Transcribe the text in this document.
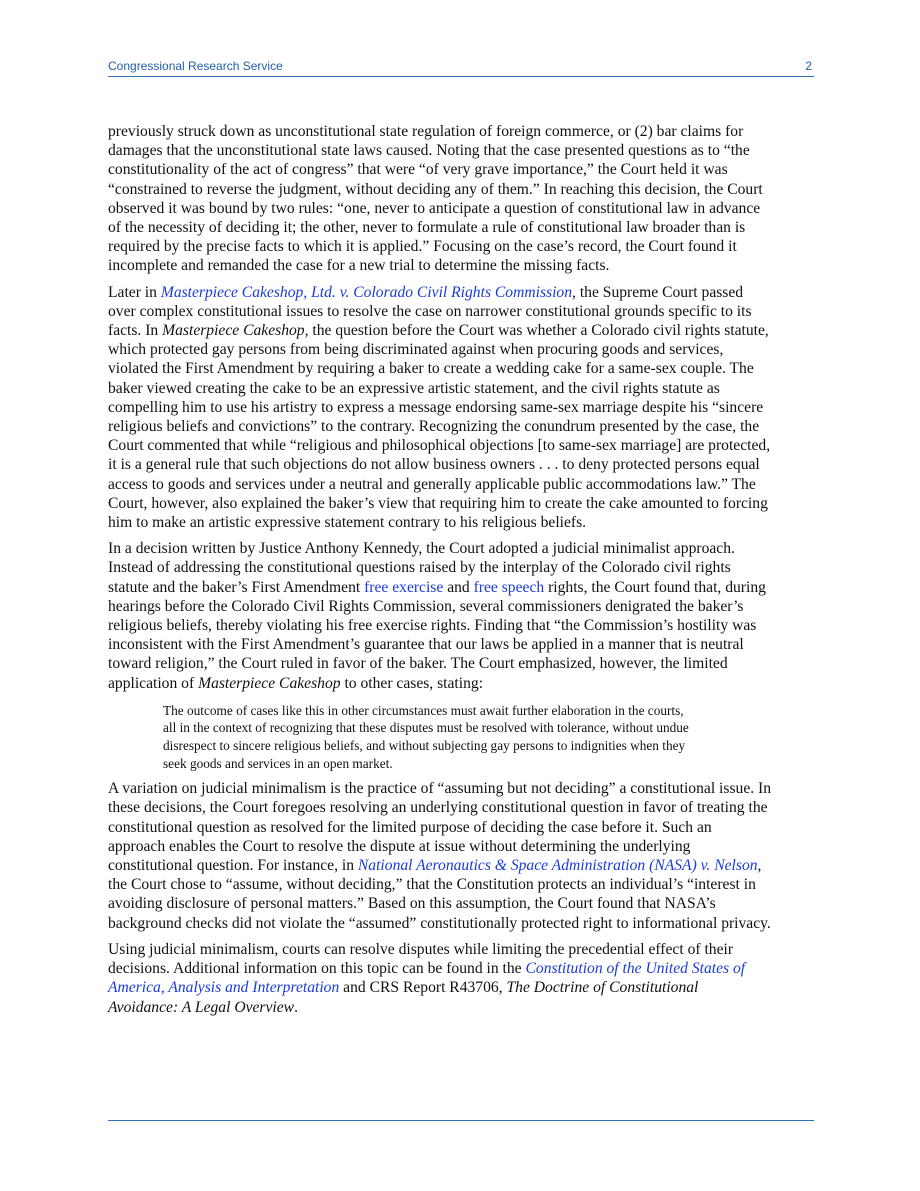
Congressional Research Service	2

previously struck down as unconstitutional state regulation of foreign commerce, or (2) bar claims for
damages that the unconstitutional state laws caused. Noting that the case presented questions as to “the
constitutionality of the act of congress” that were “of very grave importance,” the Court held it was
“constrained to reverse the judgment, without deciding any of them.” In reaching this decision, the Court
observed it was bound by two rules: “one, never to anticipate a question of constitutional law in advance
of the necessity of deciding it; the other, never to formulate a rule of constitutional law broader than is
required by the precise facts to which it is applied.” Focusing on the case’s record, the Court found it
incomplete and remanded the case for a new trial to determine the missing facts.

Later in Masterpiece Cakeshop, Ltd. v. Colorado Civil Rights Commission, the Supreme Court passed
over complex constitutional issues to resolve the case on narrower constitutional grounds specific to its
facts. In Masterpiece Cakeshop, the question before the Court was whether a Colorado civil rights statute,
which protected gay persons from being discriminated against when procuring goods and services,
violated the First Amendment by requiring a baker to create a wedding cake for a same-sex couple. The
baker viewed creating the cake to be an expressive artistic statement, and the civil rights statute as
compelling him to use his artistry to express a message endorsing same-sex marriage despite his “sincere
religious beliefs and convictions” to the contrary. Recognizing the conundrum presented by the case, the
Court commented that while “religious and philosophical objections [to same-sex marriage] are protected,
it is a general rule that such objections do not allow business owners . . . to deny protected persons equal
access to goods and services under a neutral and generally applicable public accommodations law.” The
Court, however, also explained the baker’s view that requiring him to create the cake amounted to forcing
him to make an artistic expressive statement contrary to his religious beliefs.

In a decision written by Justice Anthony Kennedy, the Court adopted a judicial minimalist approach.
Instead of addressing the constitutional questions raised by the interplay of the Colorado civil rights
statute and the baker’s First Amendment free exercise and free speech rights, the Court found that, during
hearings before the Colorado Civil Rights Commission, several commissioners denigrated the baker’s
religious beliefs, thereby violating his free exercise rights. Finding that “the Commission’s hostility was
inconsistent with the First Amendment’s guarantee that our laws be applied in a manner that is neutral
toward religion,” the Court ruled in favor of the baker. The Court emphasized, however, the limited
application of Masterpiece Cakeshop to other cases, stating:

The outcome of cases like this in other circumstances must await further elaboration in the courts,
all in the context of recognizing that these disputes must be resolved with tolerance, without undue
disrespect to sincere religious beliefs, and without subjecting gay persons to indignities when they
seek goods and services in an open market.

A variation on judicial minimalism is the practice of “assuming but not deciding” a constitutional issue. In
these decisions, the Court foregoes resolving an underlying constitutional question in favor of treating the
constitutional question as resolved for the limited purpose of deciding the case before it. Such an
approach enables the Court to resolve the dispute at issue without determining the underlying
constitutional question. For instance, in National Aeronautics & Space Administration (NASA) v. Nelson,
the Court chose to “assume, without deciding,” that the Constitution protects an individual’s “interest in
avoiding disclosure of personal matters.” Based on this assumption, the Court found that NASA’s
background checks did not violate the “assumed” constitutionally protected right to informational privacy.

Using judicial minimalism, courts can resolve disputes while limiting the precedential effect of their
decisions. Additional information on this topic can be found in the Constitution of the United States of
America, Analysis and Interpretation and CRS Report R43706, The Doctrine of Constitutional
Avoidance: A Legal Overview.
